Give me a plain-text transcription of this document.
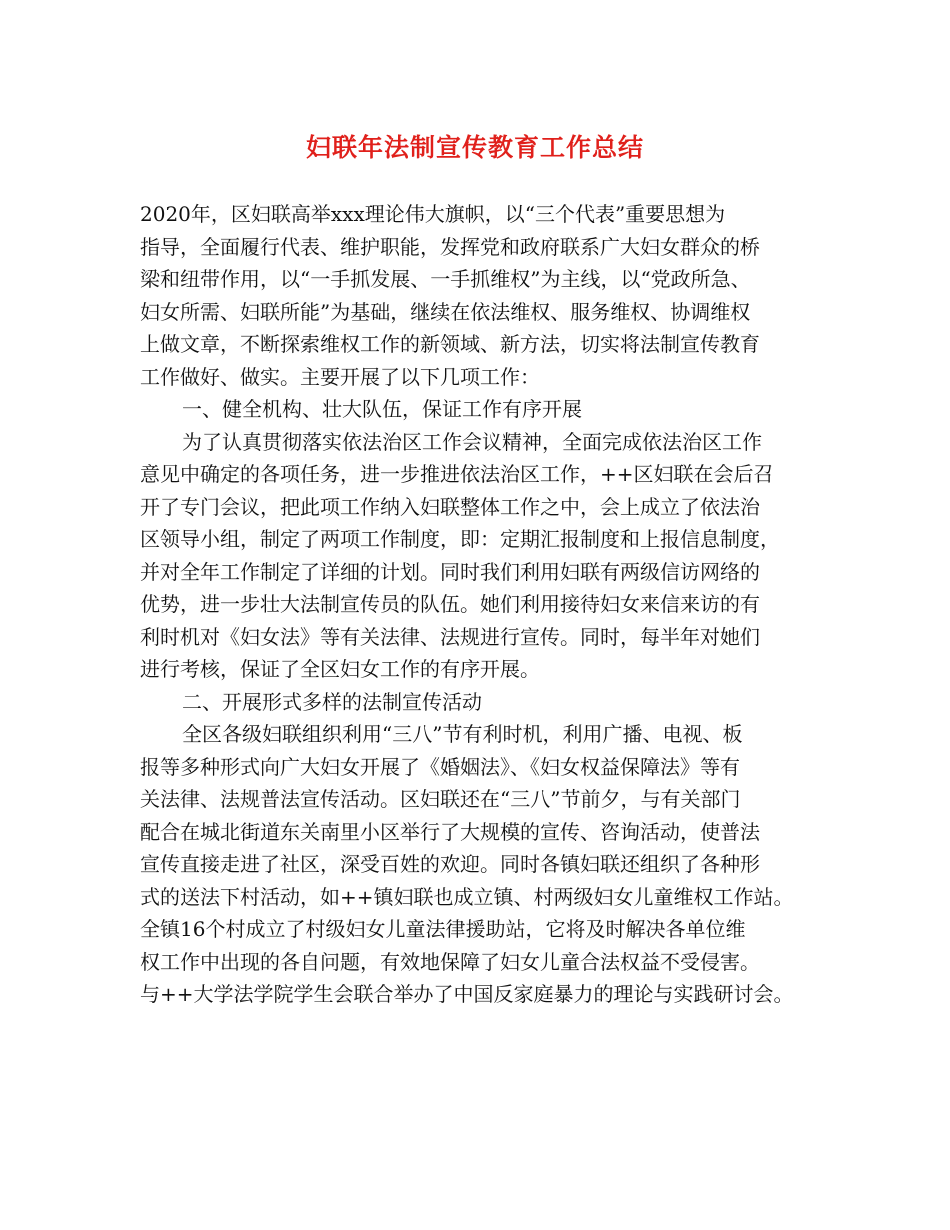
妇联年法制宣传教育工作总结
2020年，区妇联高举xxx理论伟大旗帜，以“三个代表”重要思想为
指导，全面履行代表、维护职能，发挥党和政府联系广大妇女群众的桥
梁和纽带作用，以“一手抓发展、一手抓维权”为主线，以“党政所急、
妇女所需、妇联所能”为基础，继续在依法维权、服务维权、协调维权
上做文章，不断探索维权工作的新领域、新方法，切实将法制宣传教育
工作做好、做实。主要开展了以下几项工作：
一、健全机构、壮大队伍，保证工作有序开展
为了认真贯彻落实依法治区工作会议精神，全面完成依法治区工作
意见中确定的各项任务，进一步推进依法治区工作，++区妇联在会后召
开了专门会议，把此项工作纳入妇联整体工作之中，会上成立了依法治
区领导小组，制定了两项工作制度，即：定期汇报制度和上报信息制度，
并对全年工作制定了详细的计划。同时我们利用妇联有两级信访网络的
优势，进一步壮大法制宣传员的队伍。她们利用接待妇女来信来访的有
利时机对《妇女法》等有关法律、法规进行宣传。同时，每半年对她们
进行考核，保证了全区妇女工作的有序开展。
二、开展形式多样的法制宣传活动
全区各级妇联组织利用“三八”节有利时机，利用广播、电视、板
报等多种形式向广大妇女开展了《婚姻法》、《妇女权益保障法》等有
关法律、法规普法宣传活动。区妇联还在“三八”节前夕，与有关部门
配合在城北街道东关南里小区举行了大规模的宣传、咨询活动，使普法
宣传直接走进了社区，深受百姓的欢迎。同时各镇妇联还组织了各种形
式的送法下村活动，如++镇妇联也成立镇、村两级妇女儿童维权工作站。
全镇16个村成立了村级妇女儿童法律援助站，它将及时解决各单位维
权工作中出现的各自问题，有效地保障了妇女儿童合法权益不受侵害。
与++大学法学院学生会联合举办了中国反家庭暴力的理论与实践研讨会。
